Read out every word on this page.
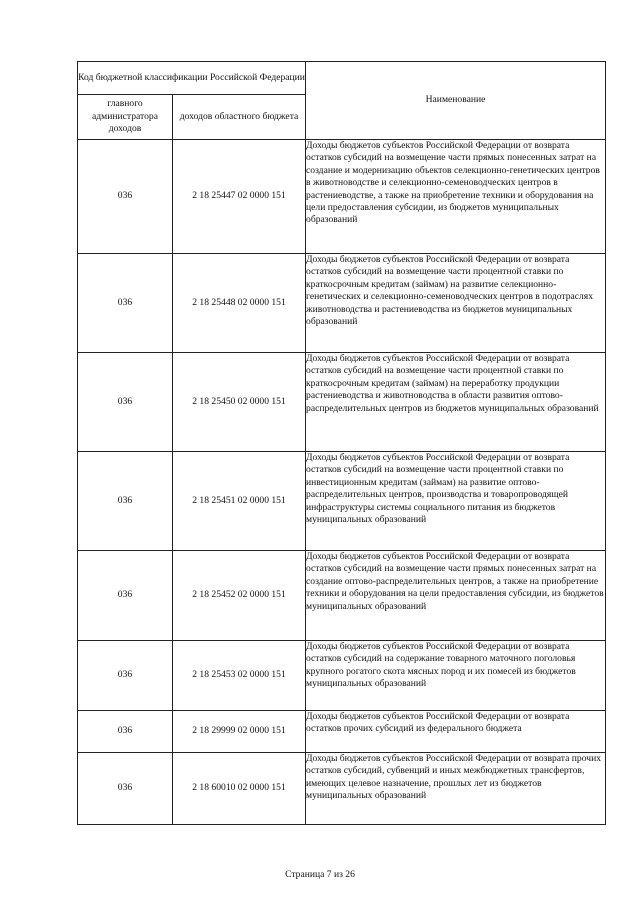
Код бюджетной классификации Российской Федерации		Наименование
главного администратора доходов	доходов областного бюджета	
036	2 18 25447 02 0000 151	Доходы бюджетов субъектов Российской Федерации от возврата остатков субсидий на возмещение части прямых понесенных затрат на создание и модернизацию объектов селекционно-генетических центров в животноводстве и селекционно-семеноводческих центров в растениеводстве, а также на приобретение техники и оборудования на цели предоставления субсидии, из бюджетов муниципальных образований
036	2 18 25448 02 0000 151	Доходы бюджетов субъектов Российской Федерации от возврата остатков субсидий на возмещение части процентной ставки по краткосрочным кредитам (займам) на развитие селекционно-генетических и селекционно-семеноводческих центров в подотраслях животноводства и растениеводства из бюджетов муниципальных образований
036	2 18 25450 02 0000 151	Доходы бюджетов субъектов Российской Федерации от возврата остатков субсидий на возмещение части процентной ставки по краткосрочным кредитам (займам) на переработку продукции растениеводства и животноводства в области развития оптово-распределительных центров из бюджетов муниципальных образований
036	2 18 25451 02 0000 151	Доходы бюджетов субъектов Российской Федерации от возврата остатков субсидий на возмещение части процентной ставки по инвестиционным кредитам (займам) на развитие оптово-распределительных центров, производства и товаропроводящей инфраструктуры системы социального питания из бюджетов муниципальных образований
036	2 18 25452 02 0000 151	Доходы бюджетов субъектов Российской Федерации от возврата остатков субсидий на возмещение части прямых понесенных затрат на создание оптово-распределительных центров, а также на приобретение техники и оборудования на цели предоставления субсидии, из бюджетов муниципальных образований
036	2 18 25453 02 0000 151	Доходы бюджетов субъектов Российской Федерации от возврата остатков субсидий на содержание товарного маточного поголовья крупного рогатого скота мясных пород и их помесей из бюджетов муниципальных образований
036	2 18 29999 02 0000 151	Доходы бюджетов субъектов Российской Федерации от возврата остатков прочих субсидий из федерального бюджета
036	2 18 60010 02 0000 151	Доходы бюджетов субъектов Российской Федерации от возврата прочих остатков субсидий, субвенций и иных межбюджетных трансфертов, имеющих целевое назначение, прошлых лет из бюджетов муниципальных образований
Страница 7 из 26
